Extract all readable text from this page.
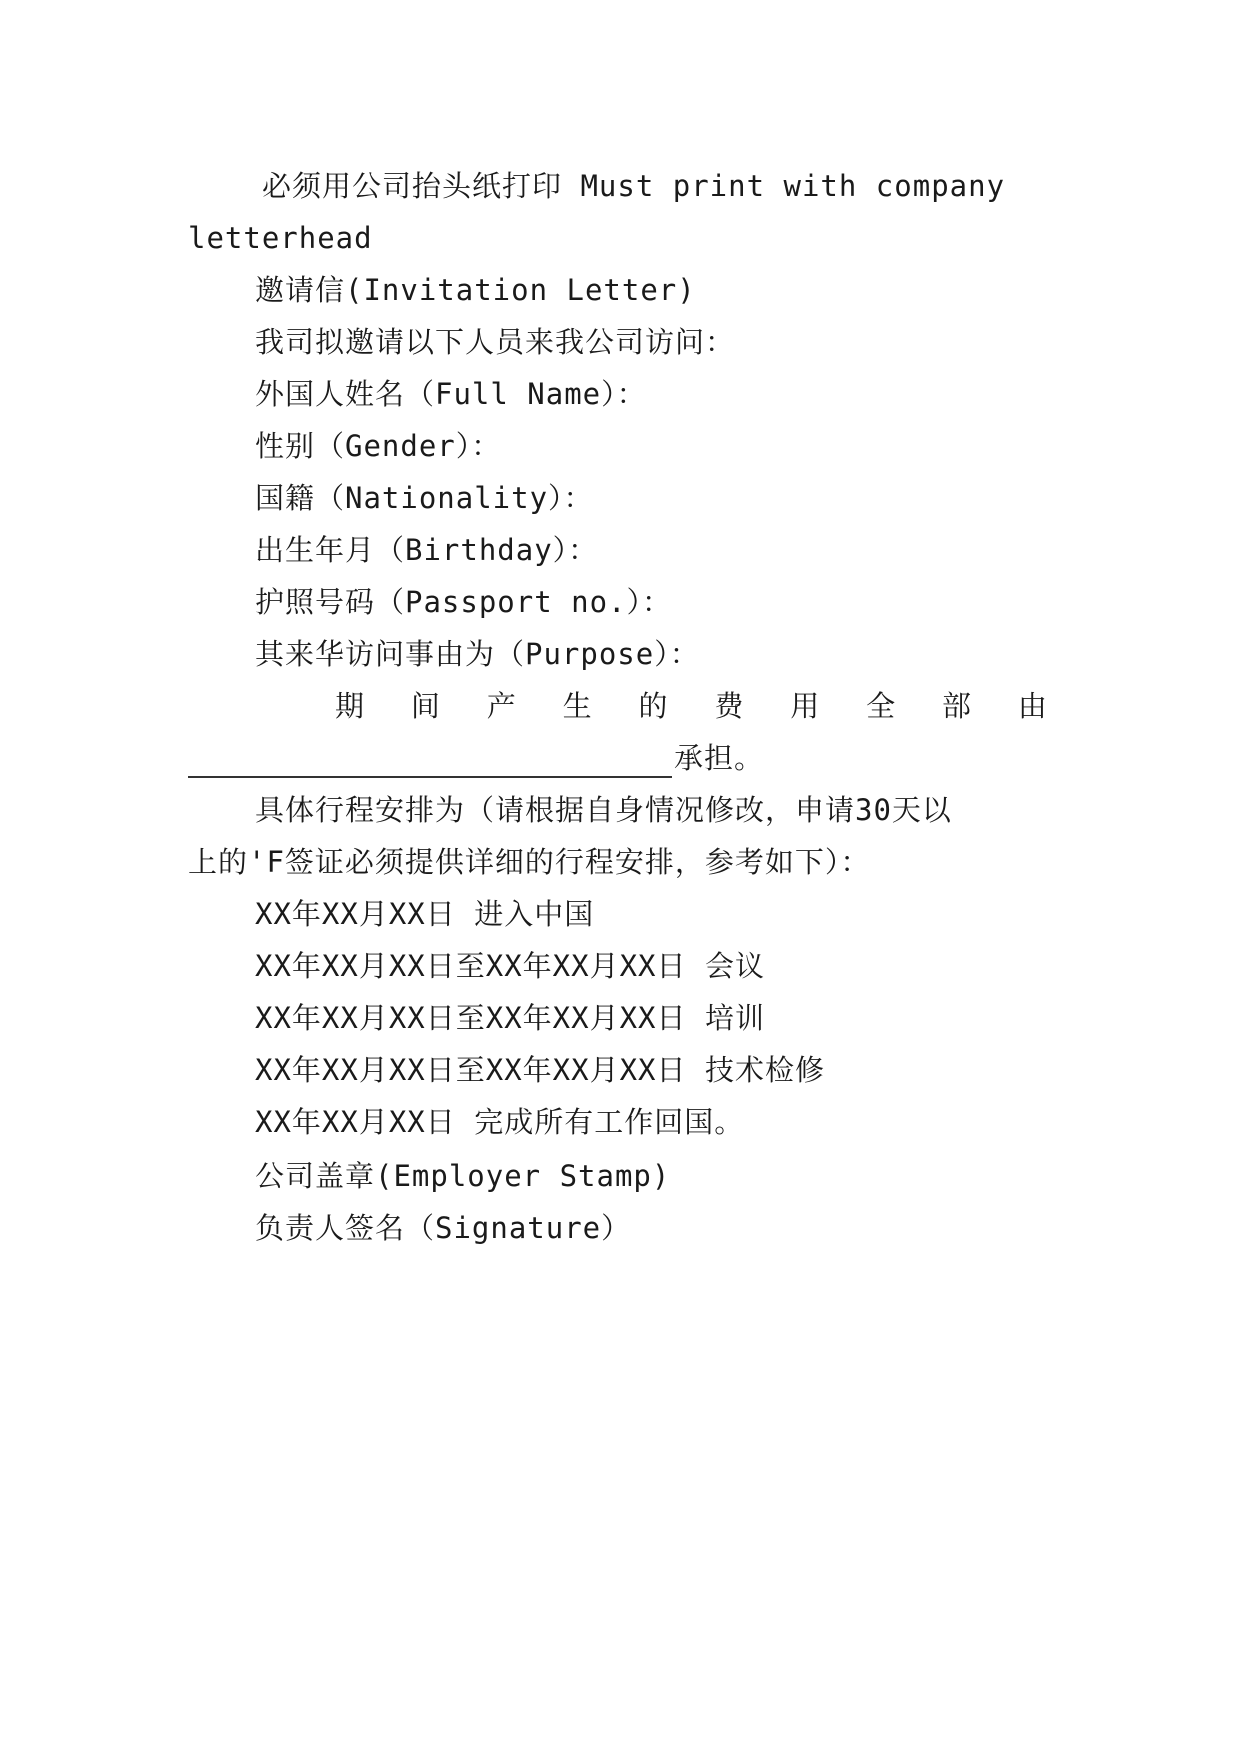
必须用公司抬头纸打印 Must print with company
letterhead
邀请信(Invitation Letter)
我司拟邀请以下人员来我公司访问：
外国人姓名（Full Name）：
性别（Gender）：
国籍（Nationality）：
出生年月（Birthday）：
护照号码（Passport no.）：
其来华访问事由为（Purpose）：
期 间 产 生 的 费 用 全 部 由
承担。
具体行程安排为（请根据自身情况修改，申请30天以
上的'F签证必须提供详细的行程安排，参考如下）：
XX年XX月XX日 进入中国
XX年XX月XX日至XX年XX月XX日 会议
XX年XX月XX日至XX年XX月XX日 培训
XX年XX月XX日至XX年XX月XX日 技术检修
XX年XX月XX日 完成所有工作回国。
公司盖章(Employer Stamp)
负责人签名（Signature）
